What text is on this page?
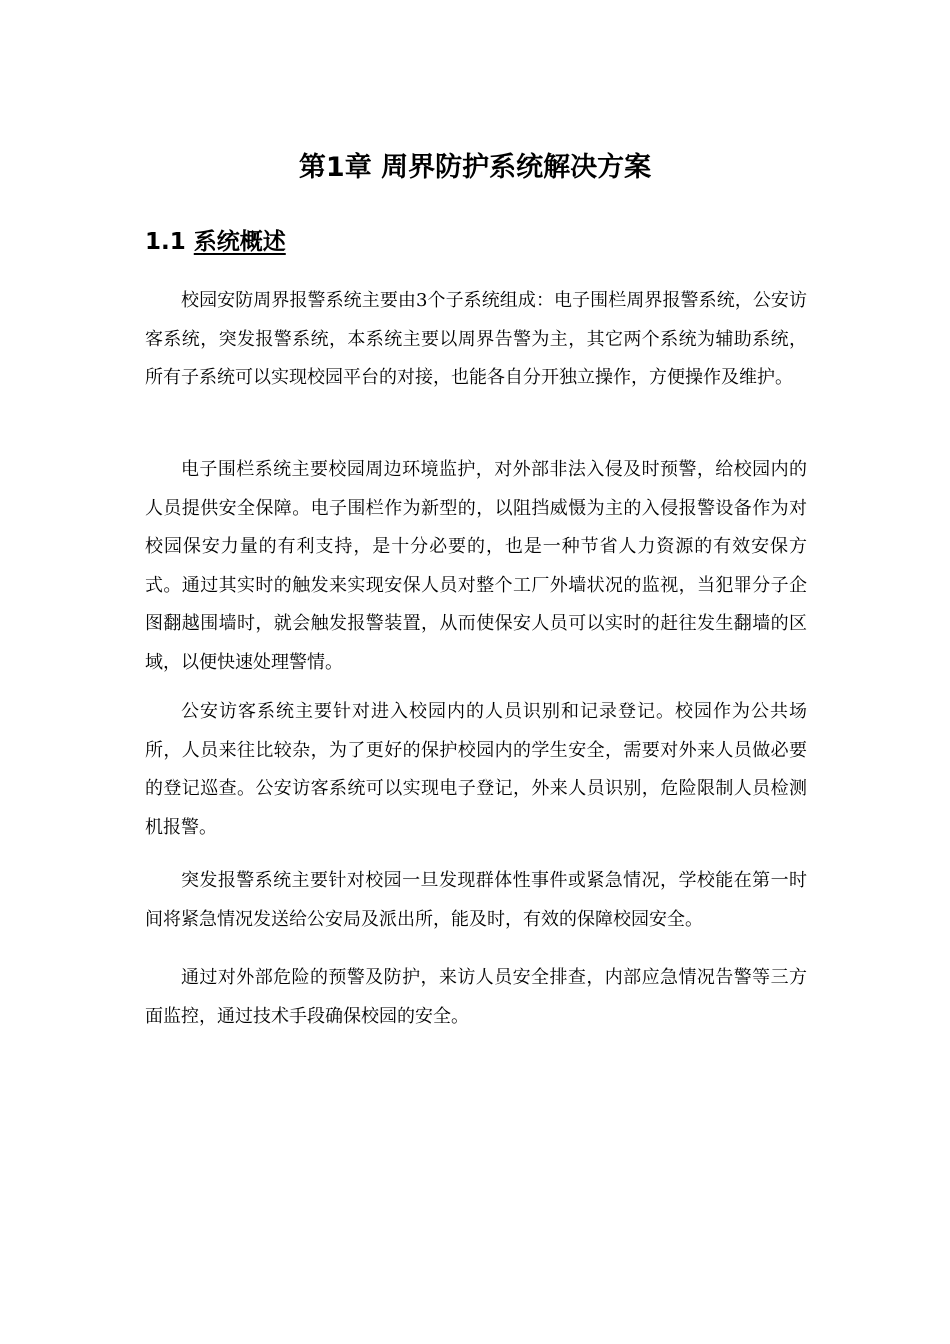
第1章 周界防护系统解决方案
1.1 系统概述

校园安防周界报警系统主要由3个子系统组成：电子围栏周界报警系统，公安访客系统，突发报警系统，本系统主要以周界告警为主，其它两个系统为辅助系统，所有子系统可以实现校园平台的对接，也能各自分开独立操作，方便操作及维护。

电子围栏系统主要校园周边环境监护，对外部非法入侵及时预警，给校园内的人员提供安全保障。电子围栏作为新型的，以阻挡威慑为主的入侵报警设备作为对校园保安力量的有利支持，是十分必要的，也是一种节省人力资源的有效安保方式。通过其实时的触发来实现安保人员对整个工厂外墙状况的监视，当犯罪分子企图翻越围墙时，就会触发报警装置，从而使保安人员可以实时的赶往发生翻墙的区域，以便快速处理警情。

公安访客系统主要针对进入校园内的人员识别和记录登记。校园作为公共场所，人员来往比较杂，为了更好的保护校园内的学生安全，需要对外来人员做必要的登记巡查。公安访客系统可以实现电子登记，外来人员识别，危险限制人员检测机报警。

突发报警系统主要针对校园一旦发现群体性事件或紧急情况，学校能在第一时间将紧急情况发送给公安局及派出所，能及时，有效的保障校园安全。

通过对外部危险的预警及防护，来访人员安全排查，内部应急情况告警等三方面监控，通过技术手段确保校园的安全。
